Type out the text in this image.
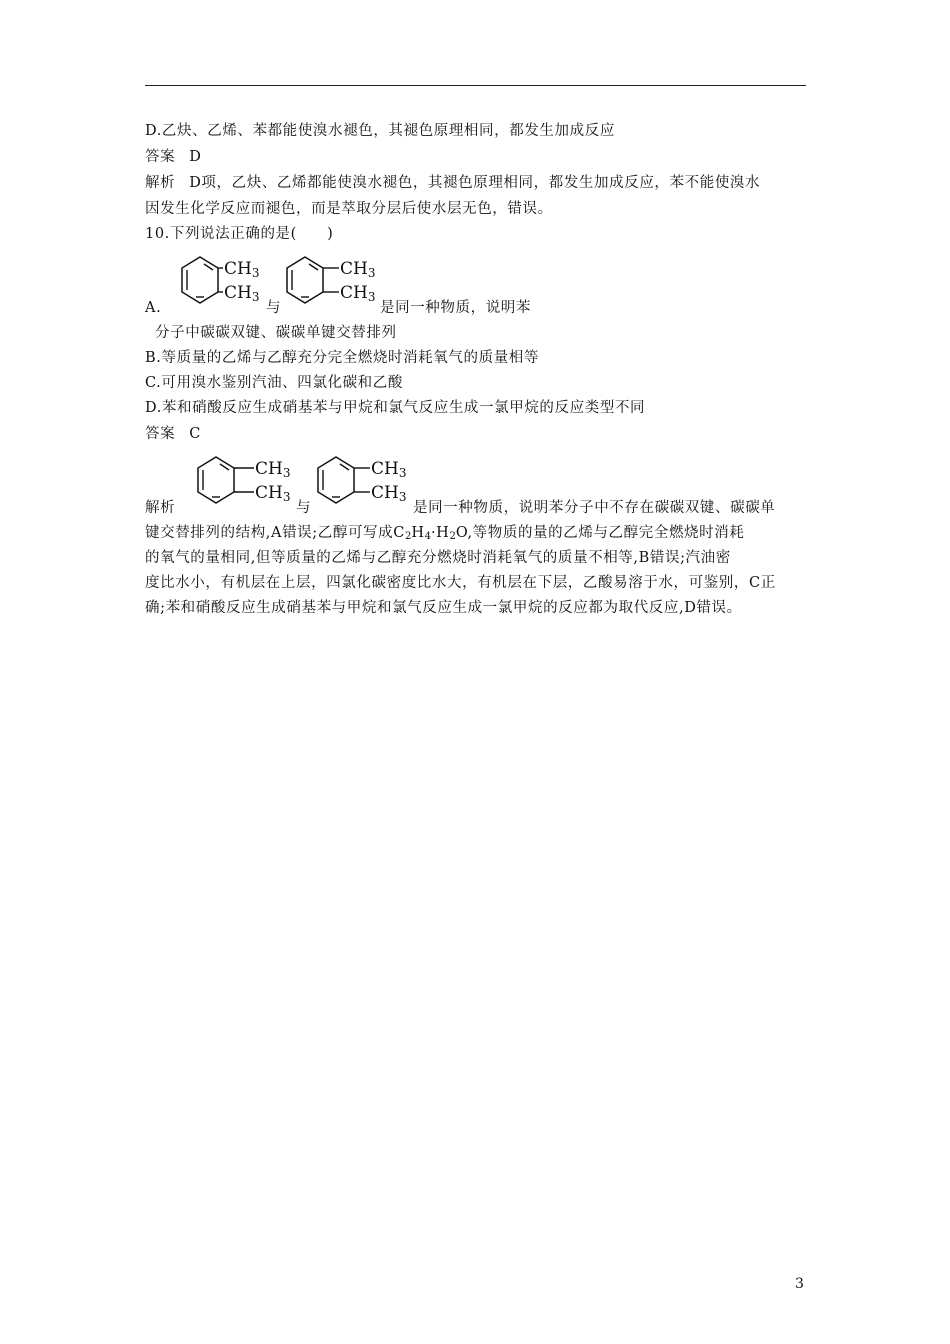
D.乙炔、乙烯、苯都能使溴水褪色，其褪色原理相同，都发生加成反应
答案 D
解析 D项，乙炔、乙烯都能使溴水褪色，其褪色原理相同，都发生加成反应，苯不能使溴水
因发生化学反应而褪色，而是萃取分层后使水层无色，错误。
10.下列说法正确的是(　　)
CH3
CH3
CH3
CH3
A.	与	是同一种物质，说明苯
分子中碳碳双键、碳碳单键交替排列
B.等质量的乙烯与乙醇充分完全燃烧时消耗氧气的质量相等
C.可用溴水鉴别汽油、四氯化碳和乙酸
D.苯和硝酸反应生成硝基苯与甲烷和氯气反应生成一氯甲烷的反应类型不同
答案 C
CH3
CH3
CH3
CH3
解析	与	是同一种物质，说明苯分子中不存在碳碳双键、碳碳单
键交替排列的结构,A错误;乙醇可写成$C_2H_4\cdot H_2O$,等物质的量的乙烯与乙醇完全燃烧时消耗
的氧气的量相同,但等质量的乙烯与乙醇充分燃烧时消耗氧气的质量不相等,B错误;汽油密
度比水小，有机层在上层，四氯化碳密度比水大，有机层在下层，乙酸易溶于水，可鉴别，C正
确;苯和硝酸反应生成硝基苯与甲烷和氯气反应生成一氯甲烷的反应都为取代反应,D错误。
3
